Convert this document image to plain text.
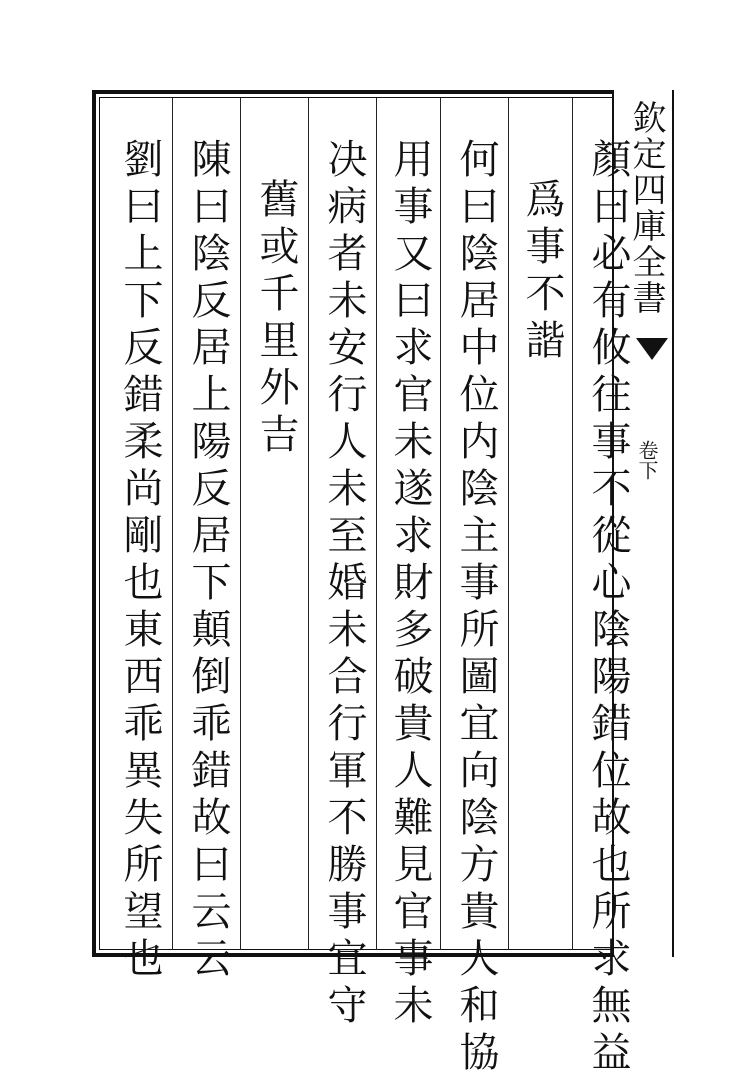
欽定四庫全書
卷下
顏曰必有攸往事不從心陰陽錯位故也所求無益
爲事不諧
何曰陰居中位内陰主事所圖宜向陰方貴人和協
用事又曰求官未遂求財多破貴人難見官事未
决病者未安行人未至婚未合行軍不勝事宜守
舊或千里外吉
陳曰陰反居上陽反居下顛倒乖錯故曰云云
劉曰上下反錯柔尚剛也東西乖異失所望也
